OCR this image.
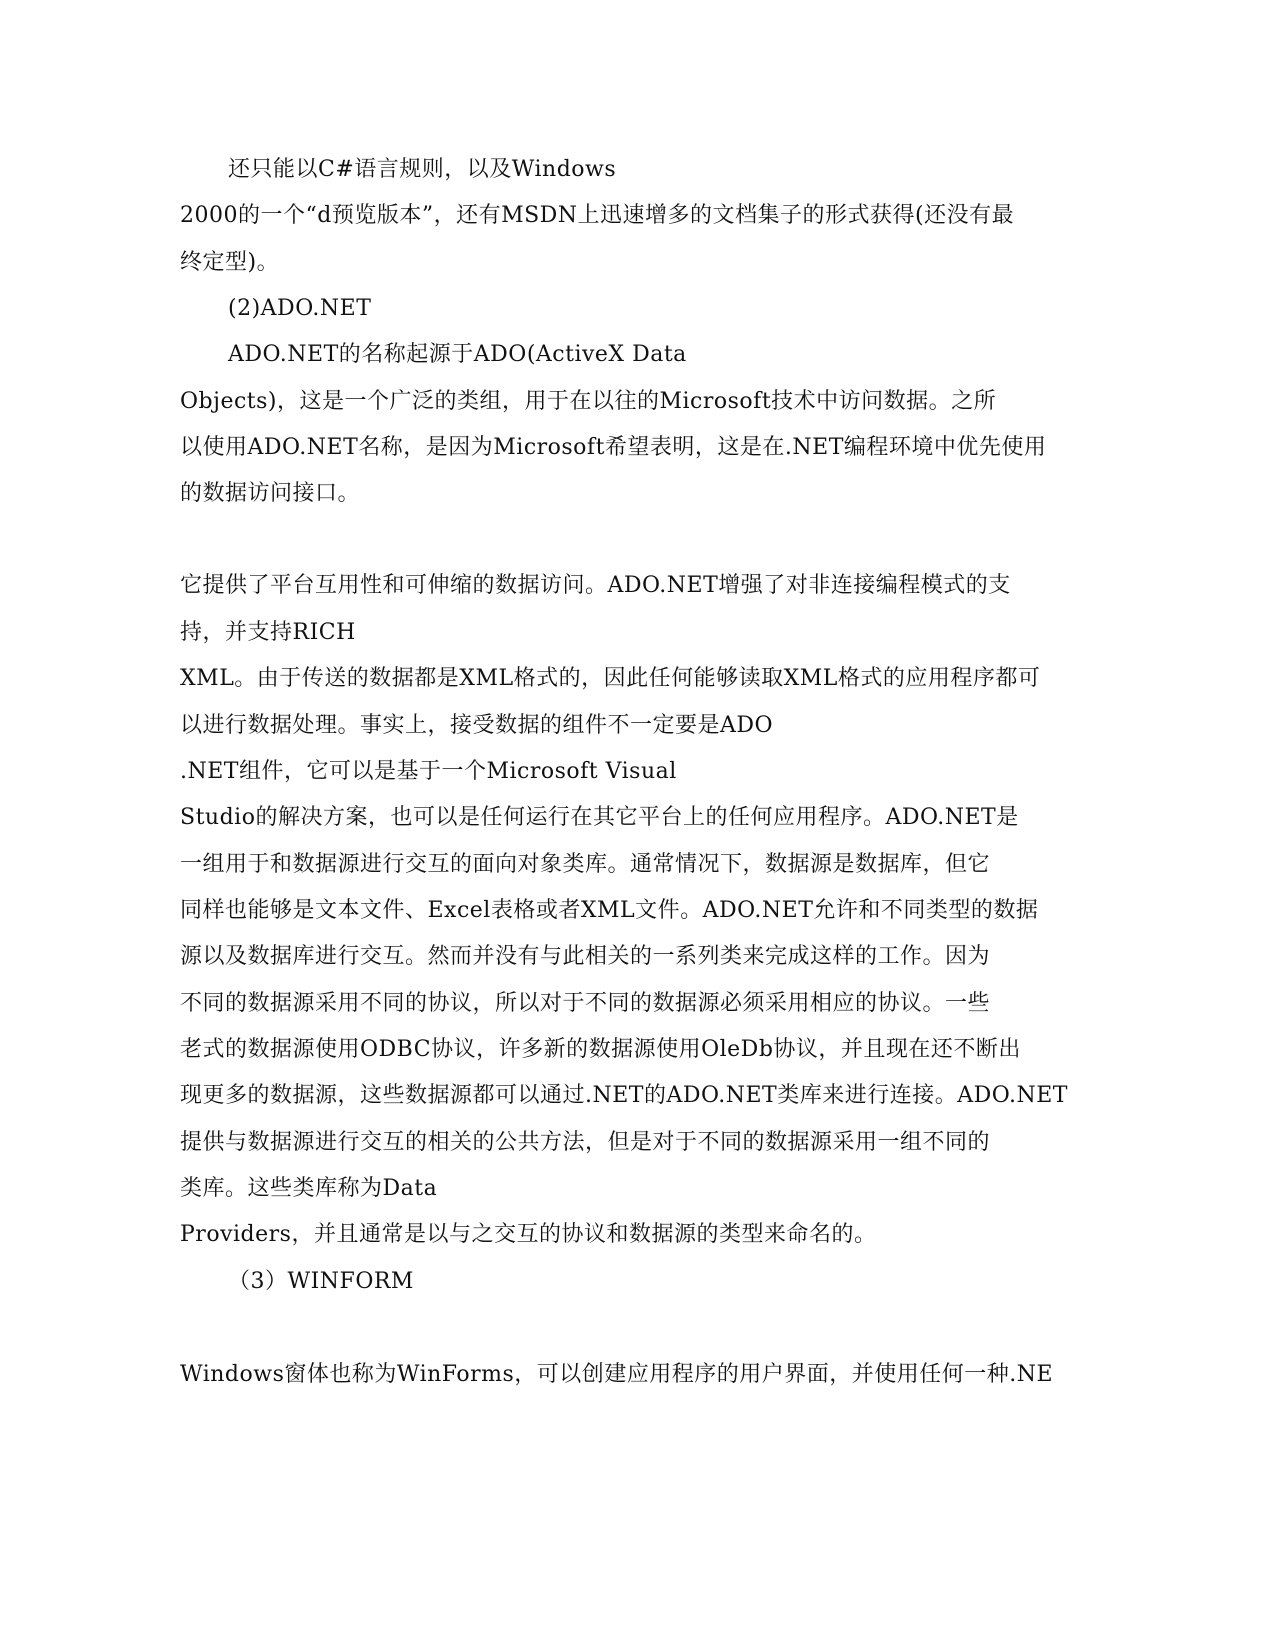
还只能以C#语言规则，以及Windows
2000的一个“d预览版本”，还有MSDN上迅速增多的文档集子的形式获得(还没有最
终定型)。
(2)ADO.NET
ADO.NET的名称起源于ADO(ActiveX Data
Objects)，这是一个广泛的类组，用于在以往的Microsoft技术中访问数据。之所
以使用ADO.NET名称，是因为Microsoft希望表明，这是在.NET编程环境中优先使用
的数据访问接口。
它提供了平台互用性和可伸缩的数据访问。ADO.NET增强了对非连接编程模式的支
持，并支持RICH
XML。由于传送的数据都是XML格式的，因此任何能够读取XML格式的应用程序都可
以进行数据处理。事实上，接受数据的组件不一定要是ADO
.NET组件，它可以是基于一个Microsoft Visual
Studio的解决方案，也可以是任何运行在其它平台上的任何应用程序。ADO.NET是
一组用于和数据源进行交互的面向对象类库。通常情况下，数据源是数据库，但它
同样也能够是文本文件、Excel表格或者XML文件。ADO.NET允许和不同类型的数据
源以及数据库进行交互。然而并没有与此相关的一系列类来完成这样的工作。因为
不同的数据源采用不同的协议，所以对于不同的数据源必须采用相应的协议。一些
老式的数据源使用ODBC协议，许多新的数据源使用OleDb协议，并且现在还不断出
现更多的数据源，这些数据源都可以通过.NET的ADO.NET类库来进行连接。ADO.NET
提供与数据源进行交互的相关的公共方法，但是对于不同的数据源采用一组不同的
类库。这些类库称为Data
Providers，并且通常是以与之交互的协议和数据源的类型来命名的。
（3）WINFORM
Windows窗体也称为WinForms，可以创建应用程序的用户界面，并使用任何一种.NE
